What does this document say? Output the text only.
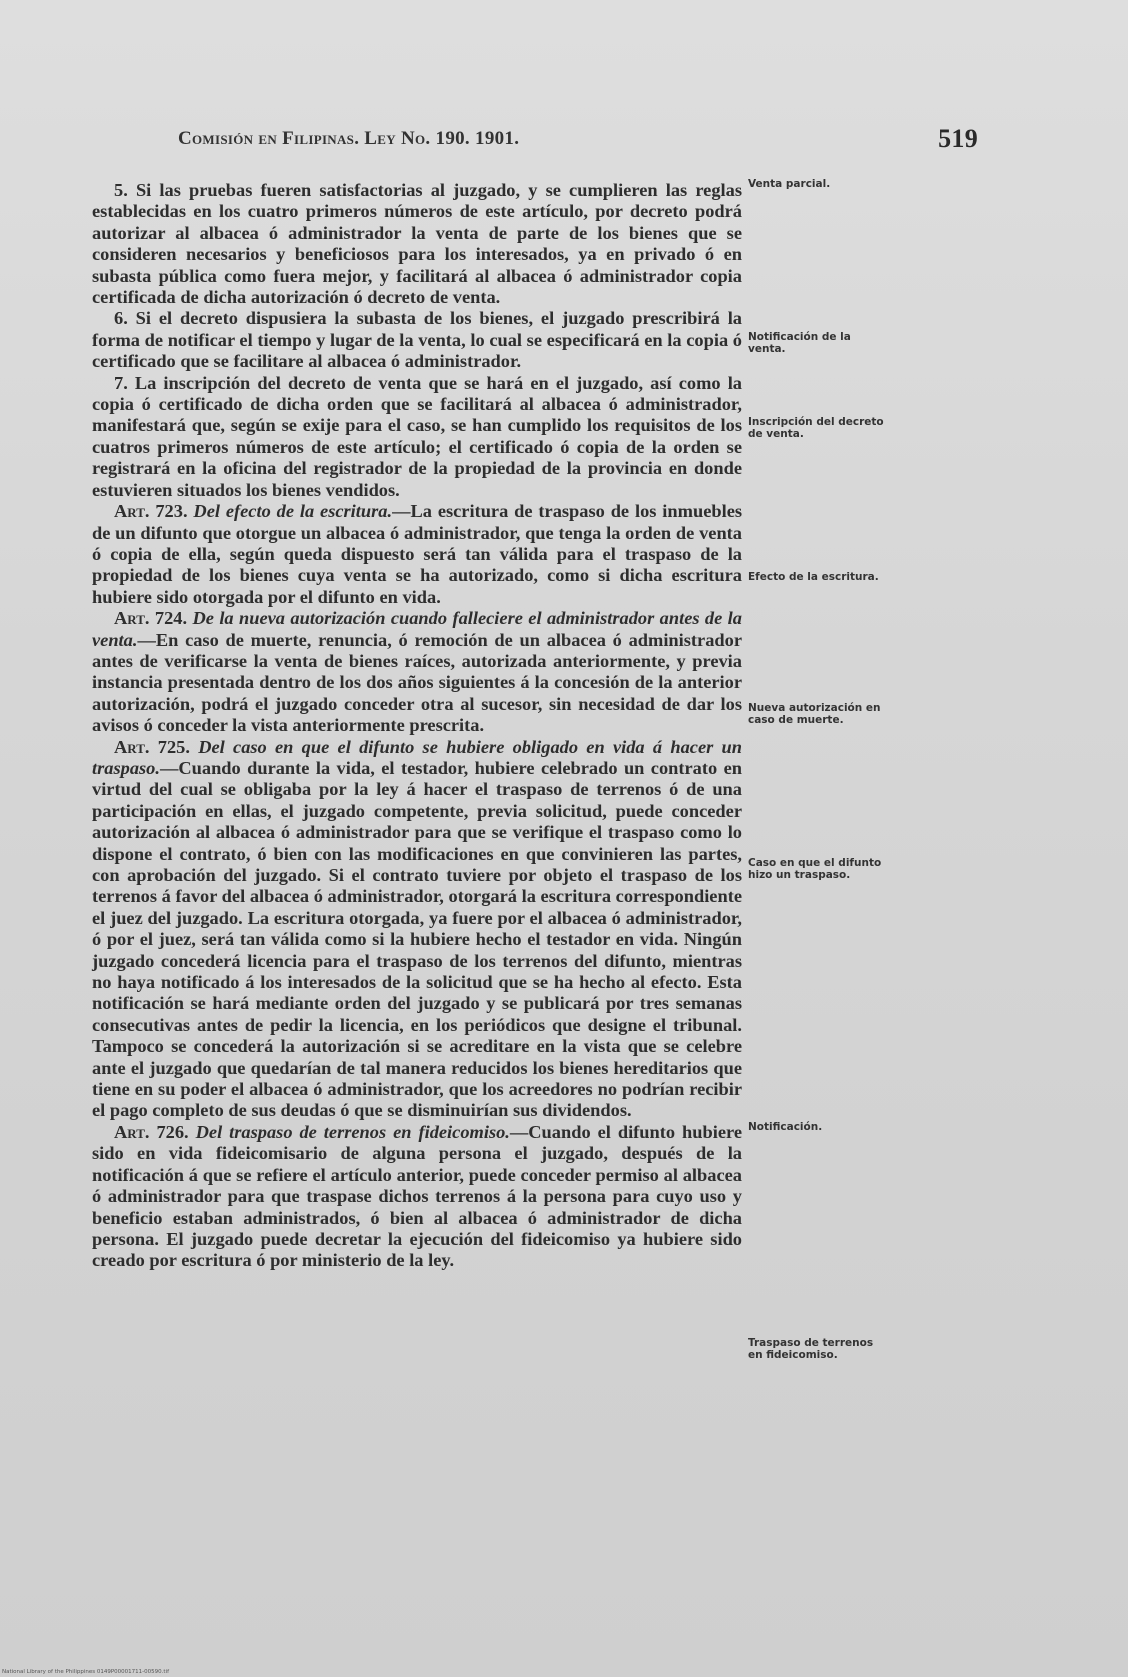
Comisión en Filipinas. Ley No. 190. 1901.	519

5. Si las pruebas fueren satisfactorias al juzgado, y se cumplieren las reglas establecidas en los cuatro primeros números de este artículo, por decreto podrá autorizar al albacea ó administrador la venta de parte de los bienes que se consideren necesarios y beneficiosos para los interesados, ya en privado ó en subasta pública como fuera mejor, y facilitará al albacea ó administrador copia certificada de dicha autorización ó decreto de venta.

6. Si el decreto dispusiera la subasta de los bienes, el juzgado prescribirá la forma de notificar el tiempo y lugar de la venta, lo cual se especificará en la copia ó certificado que se facilitare al albacea ó administrador.

7. La inscripción del decreto de venta que se hará en el juzgado, así como la copia ó certificado de dicha orden que se facilitará al albacea ó administrador, manifestará que, según se exije para el caso, se han cumplido los requisitos de los cuatros primeros números de este artículo; el certificado ó copia de la orden se registrará en la oficina del registrador de la propiedad de la provincia en donde estuvieren situados los bienes vendidos.

Art. 723. Del efecto de la escritura.—La escritura de traspaso de los inmuebles de un difunto que otorgue un albacea ó administrador, que tenga la orden de venta ó copia de ella, según queda dispuesto será tan válida para el traspaso de la propiedad de los bienes cuya venta se ha autorizado, como si dicha escritura hubiere sido otorgada por el difunto en vida.

Art. 724. De la nueva autorización cuando falleciere el administrador antes de la venta.—En caso de muerte, renuncia, ó remoción de un albacea ó administrador antes de verificarse la venta de bienes raíces, autorizada anteriormente, y previa instancia presentada dentro de los dos años siguientes á la concesión de la anterior autorización, podrá el juzgado conceder otra al sucesor, sin necesidad de dar los avisos ó conceder la vista anteriormente prescrita.

Art. 725. Del caso en que el difunto se hubiere obligado en vida á hacer un traspaso.—Cuando durante la vida, el testador, hubiere celebrado un contrato en virtud del cual se obligaba por la ley á hacer el traspaso de terrenos ó de una participación en ellas, el juzgado competente, previa solicitud, puede conceder autorización al albacea ó administrador para que se verifique el traspaso como lo dispone el contrato, ó bien con las modificaciones en que convinieren las partes, con aprobación del juzgado. Si el contrato tuviere por objeto el traspaso de los terrenos á favor del albacea ó administrador, otorgará la escritura correspondiente el juez del juzgado. La escritura otorgada, ya fuere por el albacea ó administrador, ó por el juez, será tan válida como si la hubiere hecho el testador en vida. Ningún juzgado concederá licencia para el traspaso de los terrenos del difunto, mientras no haya notificado á los interesados de la solicitud que se ha hecho al efecto. Esta notificación se hará mediante orden del juzgado y se publicará por tres semanas consecutivas antes de pedir la licencia, en los periódicos que designe el tribunal. Tampoco se concederá la autorización si se acreditare en la vista que se celebre ante el juzgado que quedarían de tal manera reducidos los bienes hereditarios que tiene en su poder el albacea ó administrador, que los acreedores no podrían recibir el pago completo de sus deudas ó que se disminuirían sus dividendos.

Art. 726. Del traspaso de terrenos en fideicomiso.—Cuando el difunto hubiere sido en vida fideicomisario de alguna persona el juzgado, después de la notificación á que se refiere el artículo anterior, puede conceder permiso al albacea ó administrador para que traspase dichos terrenos á la persona para cuyo uso y beneficio estaban administrados, ó bien al albacea ó administrador de dicha persona. El juzgado puede decretar la ejecución del fideicomiso ya hubiere sido creado por escritura ó por ministerio de la ley.

Venta parcial.
Notificación de la venta.
Inscripción del decreto de venta.
Efecto de la escritura.
Nueva autorización en caso de muerte.
Caso en que el difunto hizo un traspaso.
Notificación.
Traspaso de terrenos en fideicomiso.
National Library of the Philippines 0149P00001711-00590.tif
